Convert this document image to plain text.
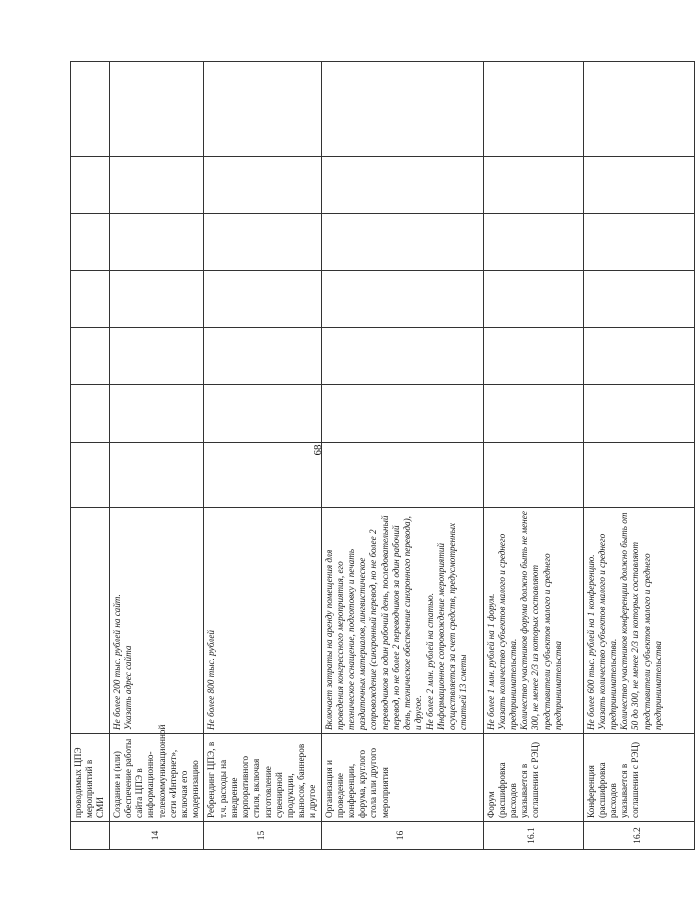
68
	проводимых ЦПЭ мероприятий в СМИ								
14	Создание и (или) обеспечение работы сайта ЦПЭ в информационно-телекоммуникационной сети «Интернет», включая его модернизацию	Не более 200 тыс. рублей на сайт. Указать адрес сайта							

15	Ребрендинг ЦПЭ, в т.ч. расходы на внедрение корпоративного стиля, включая изготовление сувенирной продукции, выносок, баннеров и другое	Не более 800 тыс. рублей							

16	Организация и проведение конференции, форума, круглого стола или другого мероприятия	Включает затраты на аренду помещения для проведения конгрессного мероприятия, его техническое оснащение, подготовку и печать раздаточных материалов, лингвистическое сопровождение (синхронный перевод, но не более 2 переводчиков за один рабочий день, последовательный перевод, но не более 2 переводчиков за один рабочий день, техническое обеспечение синхронного перевода), и другое. Не более 2 млн. рублей на статью. Информационное сопровождение мероприятий осуществляется за счет средств, предусмотренных статьей 13 сметы							

16.1	Форум (расшифровка расходов указывается в соглашении с РЭЦ)	Не более 1 млн. рублей на 1 форум. Указать количество субъектов малого и среднего предпринимательства. Количество участников форума должно быть не менее 300, не менее 2/3 из которых составляют представители субъектов малого и среднего предпринимательства							

16.2	Конференция (расшифровка расходов указывается в соглашении с РЭЦ)	Не более 600 тыс. рублей на 1 конференцию. Указать количество субъектов малого и среднего предпринимательства. Количество участников конференции должно быть от 50 до 300, не менее 2/3 из которых составляют представители субъектов малого и среднего предпринимательства							
